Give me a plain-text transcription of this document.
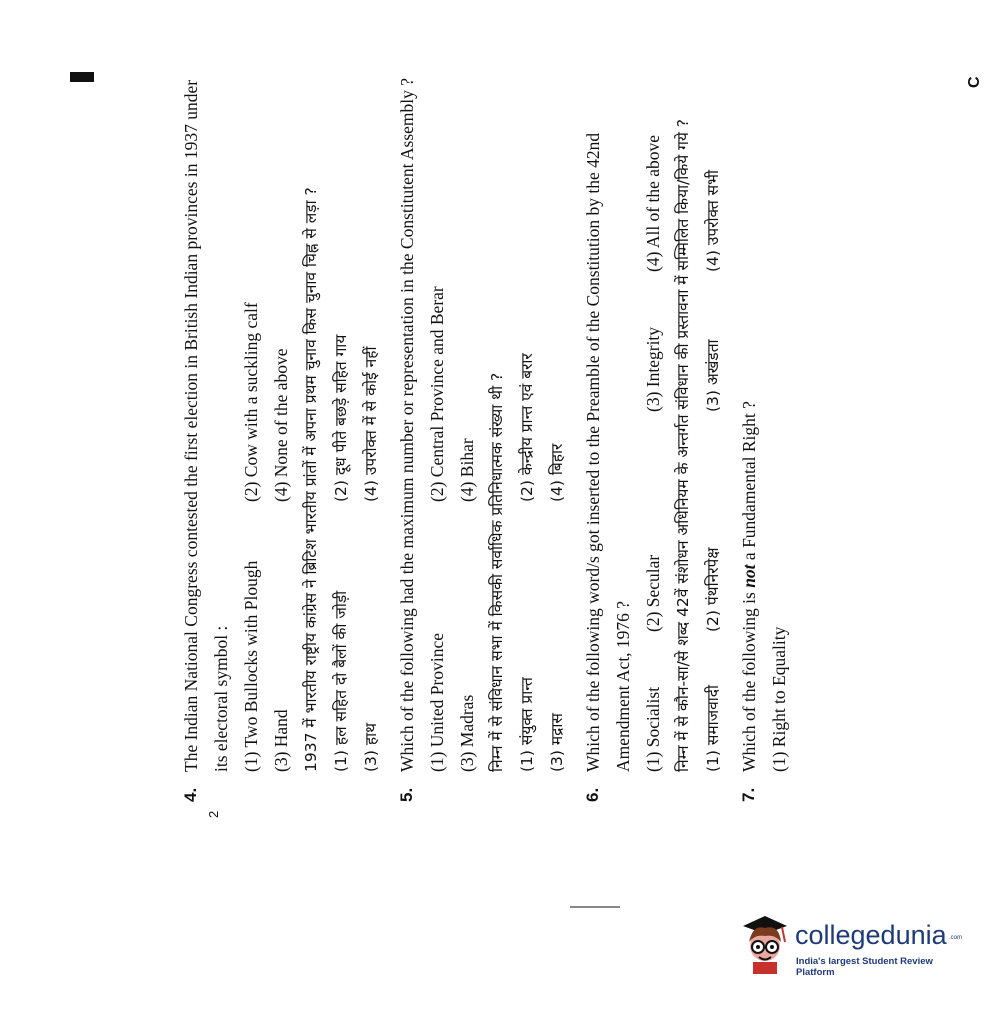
C
2
4.
The Indian National Congress contested the first election in British Indian provinces in 1937 under its electoral symbol : (1) Two Bullocks with Plough
(2) Cow with a suckling calf
(3) Hand
(4) None of the above 1937 में भारतीय राष्ट्रीय कांग्रेस ने ब्रिटिश भारतीय प्रांतों में अपना प्रथम चुनाव किस चुनाव चिह्न से लड़ा ? (1) हल सहित दो बैलों की जोड़ी
(2) दूध पीते बछड़े सहित गाय
(3) हाथ
(4) उपरोक्त में से कोई नहीं
5.
Which of the following had the maximum number or representation in the Constitutent Assembly ? (1) United Province
(2) Central Province and Berar
(3) Madras
(4) Bihar निम्न में से संविधान सभा में किसकी सर्वाधिक प्रतिनिधात्मक संख्या थी ? (1) संयुक्त प्रान्त
(2) केन्द्रीय प्रान्त एवं बरार
(3) मद्रास
(4) बिहार
6.
Which of the following word/s got inserted to the Preamble of the Constitution by the 42nd Amendment Act, 1976 ? (1) Socialist
(2) Secular
(3) Integrity
(4) All of the above निम्न में से कौन-सा/से शब्द 42वें संशोधन अधिनियम के अन्तर्गत संविधान की प्रस्तावना में सम्मिलित किया/किये गये ? (1) समाजवादी
(2) पंथनिरपेक्ष
(3) अखंडता
(4) उपरोक्त सभी
7.
Which of the following is not a Fundamental Right ?
(1) Right to Equality
collegedunia .com
India's largest Student Review Platform
